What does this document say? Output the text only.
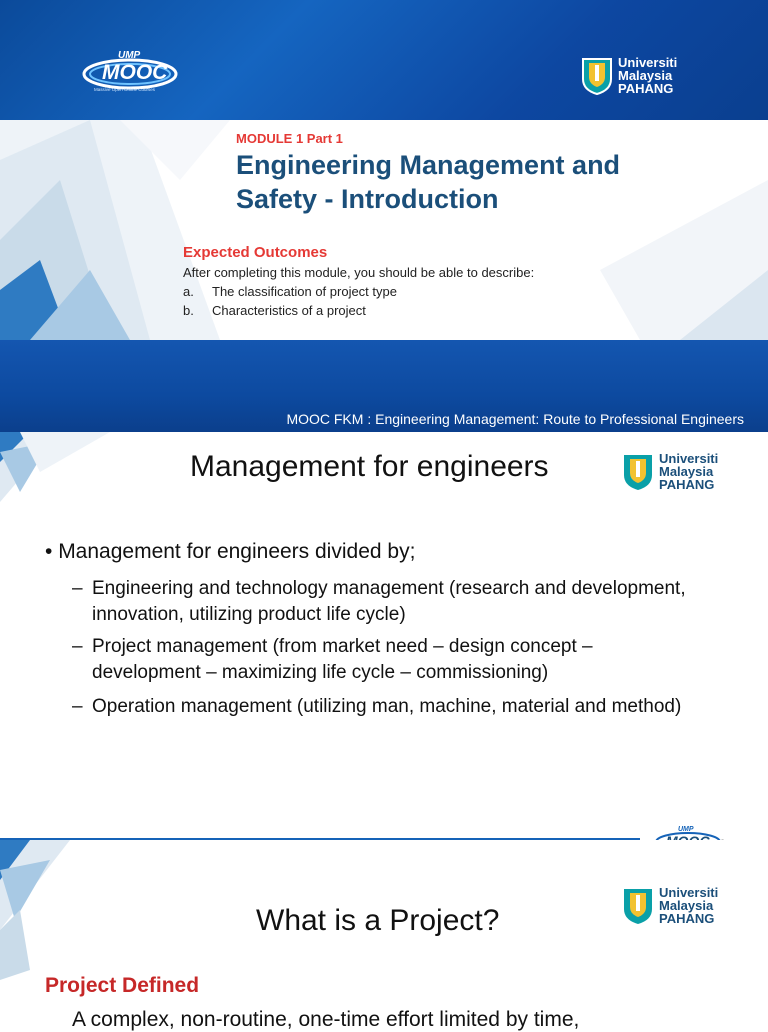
UMP
MOOC
Massive Open Online Courses
Universiti
Malaysia
PAHANG
MODULE 1 Part 1
Engineering Management and
Safety - Introduction
Expected Outcomes
After completing this module, you should be able to describe:
a. The classification of project type
b. Characteristics of a project
MOOC FKM : Engineering Management: Route to Professional Engineers
Management for engineers	Universiti
Malaysia
PAHANG
• Management for engineers divided by;
– Engineering and technology management (research and development, innovation, utilizing product life cycle)
– Project management (from market need – design concept – development – maximizing life cycle – commissioning)
– Operation management (utilizing man, machine, material and method)
UMP
Universiti
Malaysia
PAHANG
What is a Project?
Project Defined
A complex, non-routine, one-time effort limited by time,
